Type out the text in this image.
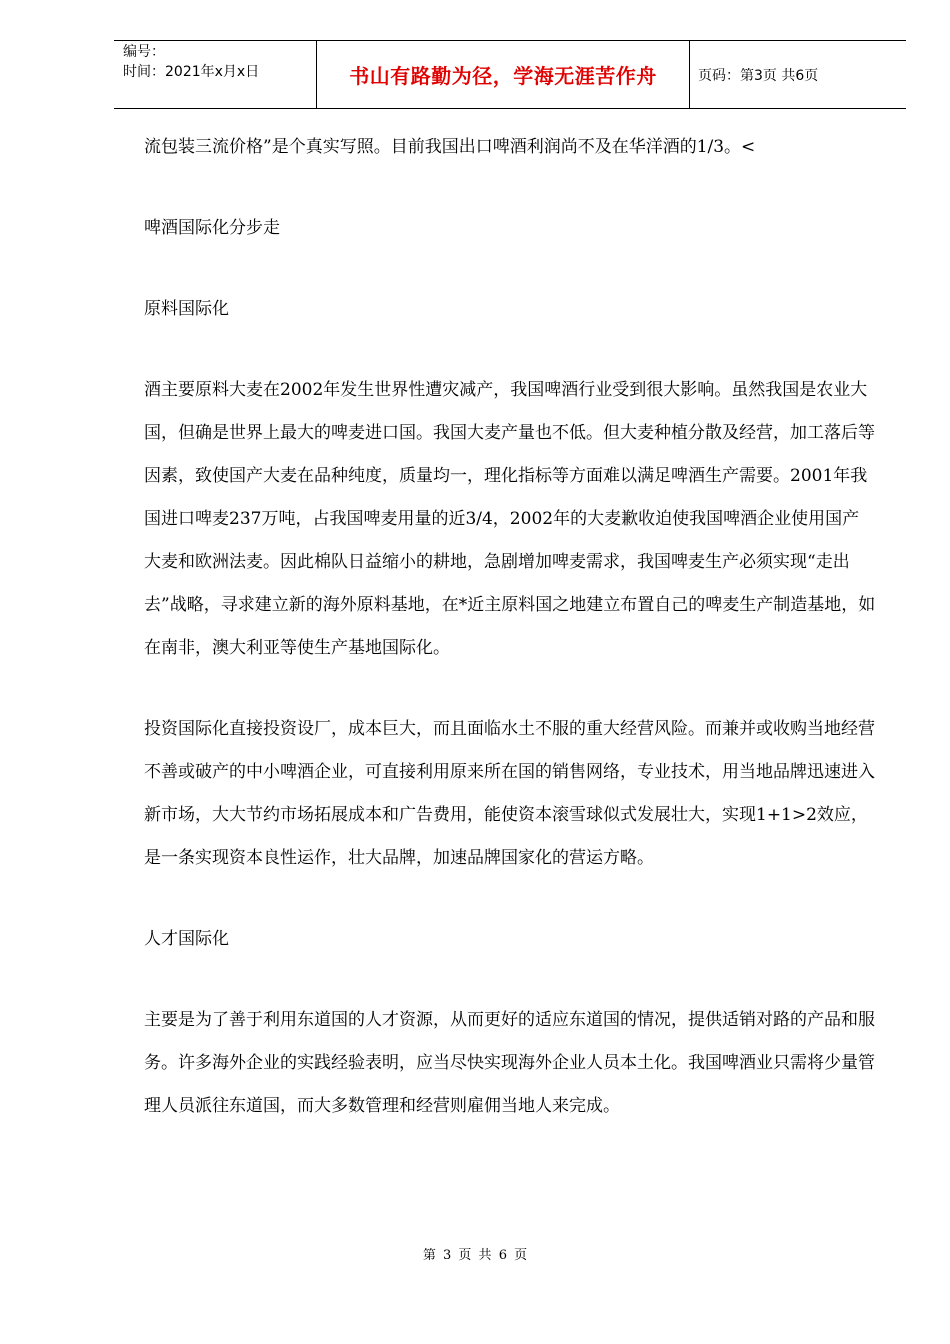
编号：
时间：2021年x月x日	书山有路勤为径，学海无涯苦作舟	页码：第3页 共6页

流包装三流价格”是个真实写照。目前我国出口啤酒利润尚不及在华洋酒的1/3。<

啤酒国际化分步走

原料国际化

酒主要原料大麦在2002年发生世界性遭灾减产，我国啤酒行业受到很大影响。虽然我国是农业大国，但确是世界上最大的啤麦进口国。我国大麦产量也不低。但大麦种植分散及经营，加工落后等因素，致使国产大麦在品种纯度，质量均一，理化指标等方面难以满足啤酒生产需要。2001年我国进口啤麦237万吨，占我国啤麦用量的近3/4，2002年的大麦歉收迫使我国啤酒企业使用国产大麦和欧洲法麦。因此棉队日益缩小的耕地，急剧增加啤麦需求，我国啤麦生产必须实现“走出去”战略，寻求建立新的海外原料基地，在*近主原料国之地建立布置自己的啤麦生产制造基地，如在南非，澳大利亚等使生产基地国际化。

投资国际化直接投资设厂，成本巨大，而且面临水土不服的重大经营风险。而兼并或收购当地经营不善或破产的中小啤酒企业，可直接利用原来所在国的销售网络，专业技术，用当地品牌迅速进入新市场，大大节约市场拓展成本和广告费用，能使资本滚雪球似式发展壮大，实现1+1>2效应，是一条实现资本良性运作，壮大品牌，加速品牌国家化的营运方略。

人才国际化

主要是为了善于利用东道国的人才资源，从而更好的适应东道国的情况，提供适销对路的产品和服务。许多海外企业的实践经验表明，应当尽快实现海外企业人员本土化。我国啤酒业只需将少量管理人员派往东道国，而大多数管理和经营则雇佣当地人来完成。

第 3 页 共 6 页
